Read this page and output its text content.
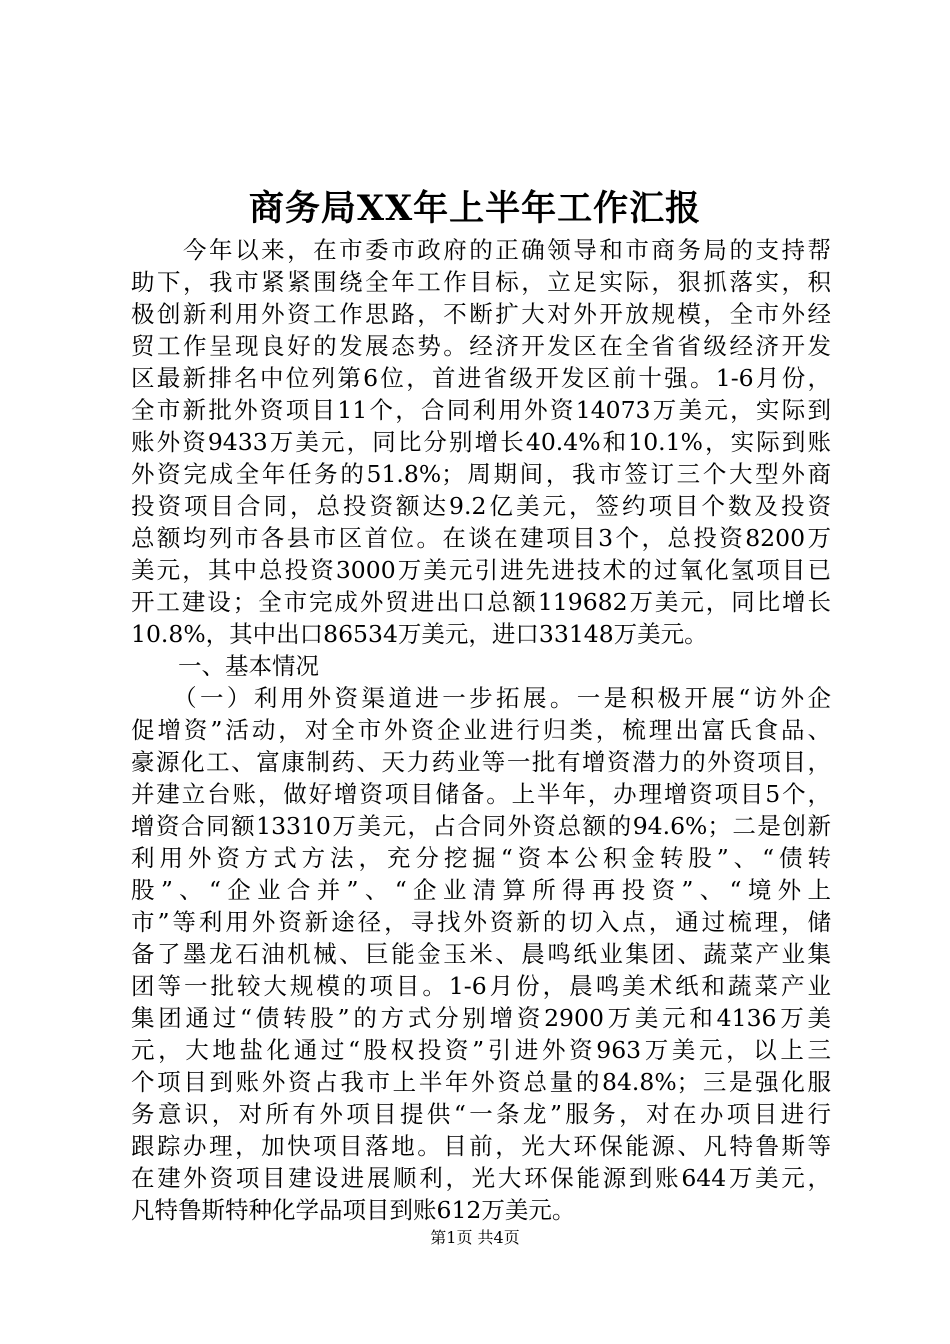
商务局XX年上半年工作汇报
　　今年以来，在市委市政府的正确领导和市商务局的支持帮
助下，我市紧紧围绕全年工作目标，立足实际，狠抓落实，积
极创新利用外资工作思路，不断扩大对外开放规模，全市外经
贸工作呈现良好的发展态势。经济开发区在全省省级经济开发
区最新排名中位列第6位，首进省级开发区前十强。1-6月份，
全市新批外资项目11个，合同利用外资14073万美元，实际到
账外资9433万美元，同比分别增长40.4%和10.1%，实际到账
外资完成全年任务的51.8%；周期间，我市签订三个大型外商
投资项目合同，总投资额达9.2亿美元，签约项目个数及投资
总额均列市各县市区首位。在谈在建项目3个，总投资8200万
美元，其中总投资3000万美元引进先进技术的过氧化氢项目已
开工建设；全市完成外贸进出口总额119682万美元，同比增长
10.8%，其中出口86534万美元，进口33148万美元。
　　一、基本情况
　　（一）利用外资渠道进一步拓展。一是积极开展“访外企
促增资”活动，对全市外资企业进行归类，梳理出富氏食品、
豪源化工、富康制药、天力药业等一批有增资潜力的外资项目，
并建立台账，做好增资项目储备。上半年，办理增资项目5个，
增资合同额13310万美元，占合同外资总额的94.6%；二是创新
利用外资方式方法，充分挖掘“资本公积金转股”、“债转
股”、“企业合并”、“企业清算所得再投资”、“境外上
市”等利用外资新途径，寻找外资新的切入点，通过梳理，储
备了墨龙石油机械、巨能金玉米、晨鸣纸业集团、蔬菜产业集
团等一批较大规模的项目。1-6月份，晨鸣美术纸和蔬菜产业
集团通过“债转股”的方式分别增资2900万美元和4136万美
元，大地盐化通过“股权投资”引进外资963万美元，以上三
个项目到账外资占我市上半年外资总量的84.8%；三是强化服
务意识，对所有外项目提供“一条龙”服务，对在办项目进行
跟踪办理，加快项目落地。目前，光大环保能源、凡特鲁斯等
在建外资项目建设进展顺利，光大环保能源到账644万美元，
凡特鲁斯特种化学品项目到账612万美元。
第1页 共4页
